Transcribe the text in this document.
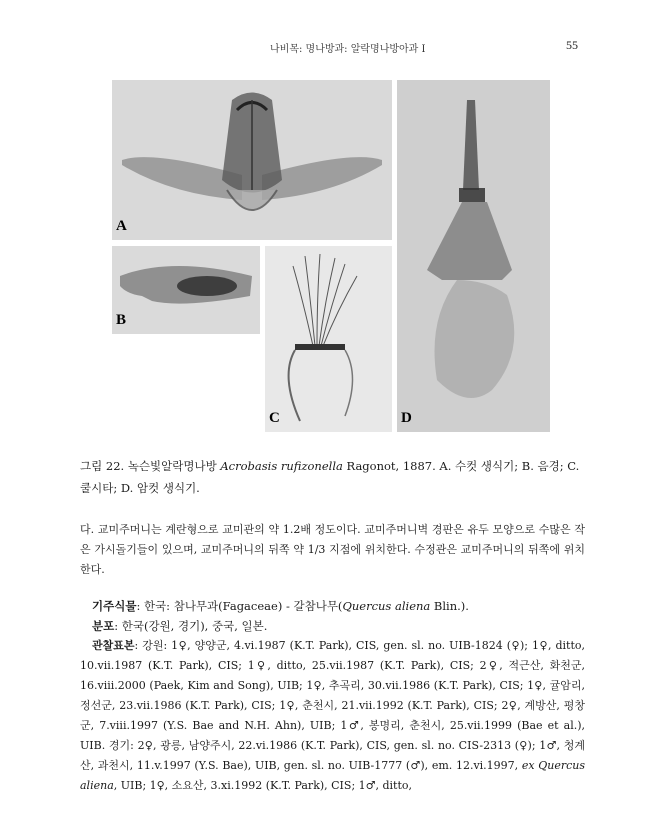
나비목: 명나방과: 알락명나방아과 I	55
A
B
C	D
그림 22. 녹슨빛알락명나방 Acrobasis rufizonella Ragonot, 1887. A. 수컷 생식기; B. 음경; C. 쿨시타; D. 암컷 생식기.
다. 교미주머니는 계란형으로 교미관의 약 1.2배 정도이다. 교미주머니벽 경판은 유두 모양으로 수많은 작은 가시돌기들이 있으며, 교미주머니의 뒤쪽 약 1/3 지점에 위치한다. 수정관은 교미주머니의 뒤쪽에 위치한다.
기주식물: 한국: 참나무과(Fagaceae) - 갈참나무(Quercus aliena Blin.).
분포: 한국(강원, 경기), 중국, 일본.
관찰표본: 강원: 1♀, 양양군, 4.vi.1987 (K.T. Park), CIS, gen. sl. no. UIB-1824 (♀); 1♀, ditto, 10.vii.1987 (K.T. Park), CIS; 1♀, ditto, 25.vii.1987 (K.T. Park), CIS; 2♀, 적근산, 화천군, 16.viii.2000 (Paek, Kim and Song), UIB; 1♀, 추곡리, 30.vii.1986 (K.T. Park), CIS; 1♀, 귤암리, 정선군, 23.vii.1986 (K.T. Park), CIS; 1♀, 춘천시, 21.vii.1992 (K.T. Park), CIS; 2♀, 계방산, 평창군, 7.viii.1997 (Y.S. Bae and N.H. Ahn), UIB; 1♂, 봉명리, 춘천시, 25.vii.1999 (Bae et al.), UIB. 경기: 2♀, 광릉, 남양주시, 22.vi.1986 (K.T. Park), CIS, gen. sl. no. CIS-2313 (♀); 1♂, 청계산, 과천시, 11.v.1997 (Y.S. Bae), UIB, gen. sl. no. UIB-1777 (♂), em. 12.vi.1997, ex Quercus aliena, UIB; 1♀, 소요산, 3.xi.1992 (K.T. Park), CIS; 1♂, ditto,
